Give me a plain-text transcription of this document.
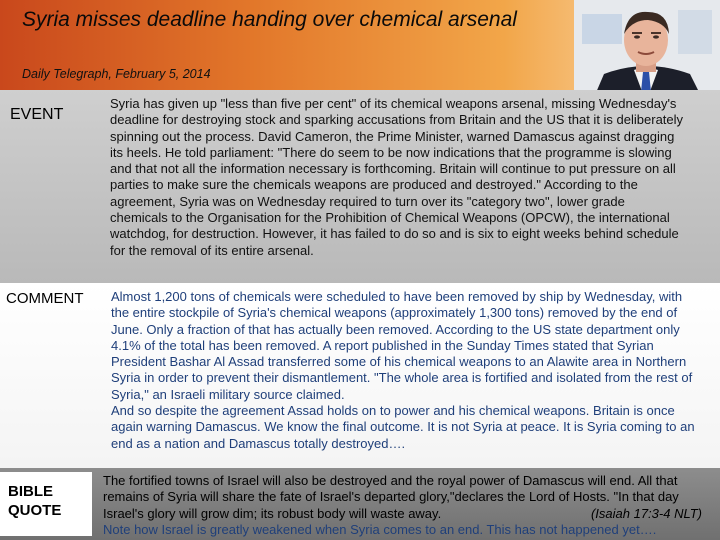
Syria misses deadline handing over chemical arsenal
Daily Telegraph, February 5, 2014
EVENT
Syria has given up "less than five per cent" of its chemical weapons arsenal, missing Wednesday's deadline for destroying stock and sparking accusations from Britain and the US that it is deliberately spinning out the process. David Cameron, the Prime Minister, warned Damascus against dragging its heels. He told parliament: "There do seem to be now indications that the programme is slowing and that not all the information necessary is forthcoming. Britain will continue to put pressure on all parties to make sure the chemicals weapons are produced and destroyed." According to the agreement, Syria was on Wednesday required to turn over its "category two", lower grade chemicals to the Organisation for the Prohibition of Chemical Weapons (OPCW), the international watchdog, for destruction. However, it has failed to do so and is six to eight weeks behind schedule for the removal of its entire arsenal.
COMMENT Almost 1,200 tons of chemicals were scheduled to have been removed by ship by Wednesday, with the entire stockpile of Syria's chemical weapons (approximately 1,300 tons) removed by the end of June. Only a fraction of that has actually been removed. According to the US state department only 4.1% of the total has been removed. A report published in the Sunday Times stated that Syrian President Bashar Al Assad transferred some of his chemical weapons to an Alawite area in Northern Syria in order to prevent their dismantlement. "The whole area is fortified and isolated from the rest of Syria," an Israeli military source claimed.

And so despite the agreement Assad holds on to power and his chemical weapons. Britain is once again warning Damascus. We know the final outcome. It is not Syria at peace. It is Syria coming to an end as a nation and Damascus totally destroyed….

BIBLE
QUOTE

The fortified towns of Israel will also be destroyed and the royal power of Damascus will end. All that remains of Syria will share the fate of Israel's departed glory,"declares the Lord of Hosts. "In that day Israel's glory will grow dim; its robust body will waste away.	(Isaiah 17:3-4 NLT)

Note how Israel is greatly weakened when Syria comes to an end. This has not happened yet….
